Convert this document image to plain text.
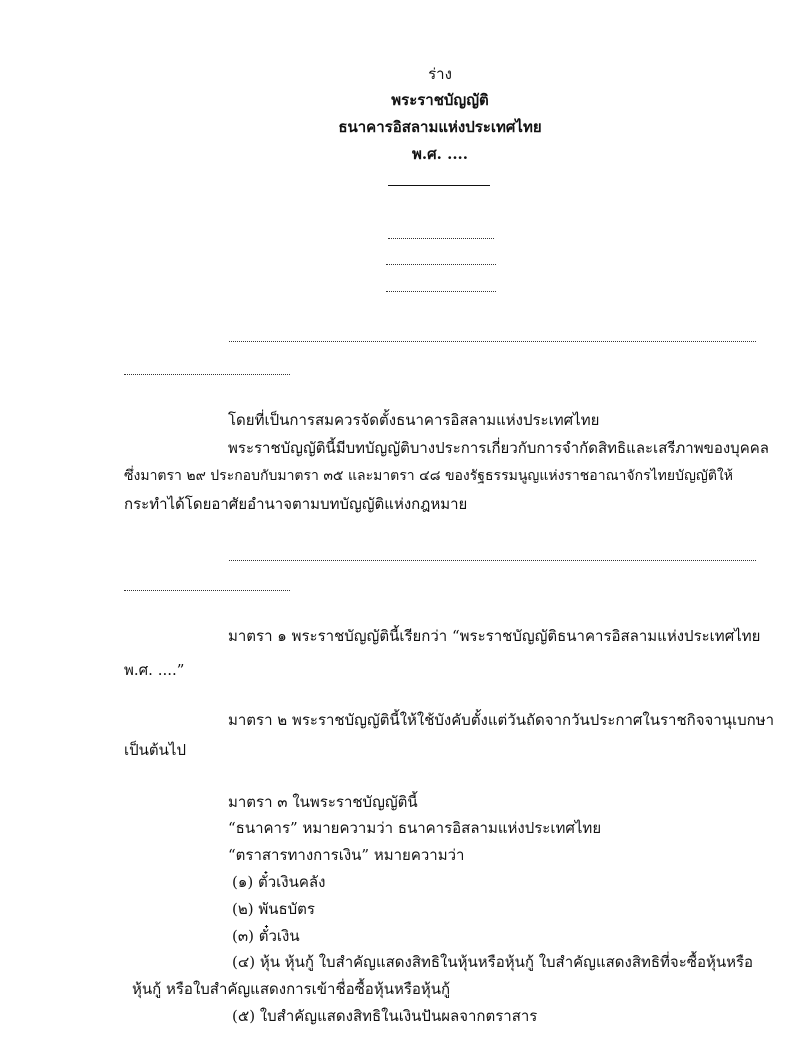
ร่าง

พระราชบัญญัติ

ธนาคารอิสลามแห่งประเทศไทย

พ.ศ. ....

โดยที่เป็นการสมควรจัดตั้งธนาคารอิสลามแห่งประเทศไทย

พระราชบัญญัตินี้มีบทบัญญัติบางประการเกี่ยวกับการจำกัดสิทธิและเสรีภาพของบุคคล

ซึ่งมาตรา ๒๙ ประกอบกับมาตรา ๓๕ และมาตรา ๔๘ ของรัฐธรรมนูญแห่งราชอาณาจักรไทยบัญญัติให้

กระทำได้โดยอาศัยอำนาจตามบทบัญญัติแห่งกฎหมาย

มาตรา ๑ พระราชบัญญัตินี้เรียกว่า “พระราชบัญญัติธนาคารอิสลามแห่งประเทศไทย

พ.ศ. ....”

มาตรา ๒ พระราชบัญญัตินี้ให้ใช้บังคับตั้งแต่วันถัดจากวันประกาศในราชกิจจานุเบกษา

เป็นต้นไป

มาตรา ๓ ในพระราชบัญญัตินี้

“ธนาคาร” หมายความว่า ธนาคารอิสลามแห่งประเทศไทย

“ตราสารทางการเงิน” หมายความว่า

(๑) ตั๋วเงินคลัง

(๒) พันธบัตร

(๓) ตั๋วเงิน

(๔) หุ้น หุ้นกู้ ใบสำคัญแสดงสิทธิในหุ้นหรือหุ้นกู้ ใบสำคัญแสดงสิทธิที่จะซื้อหุ้นหรือ

หุ้นกู้ หรือใบสำคัญแสดงการเข้าชื่อซื้อหุ้นหรือหุ้นกู้

(๕) ใบสำคัญแสดงสิทธิในเงินปันผลจากตราสาร
